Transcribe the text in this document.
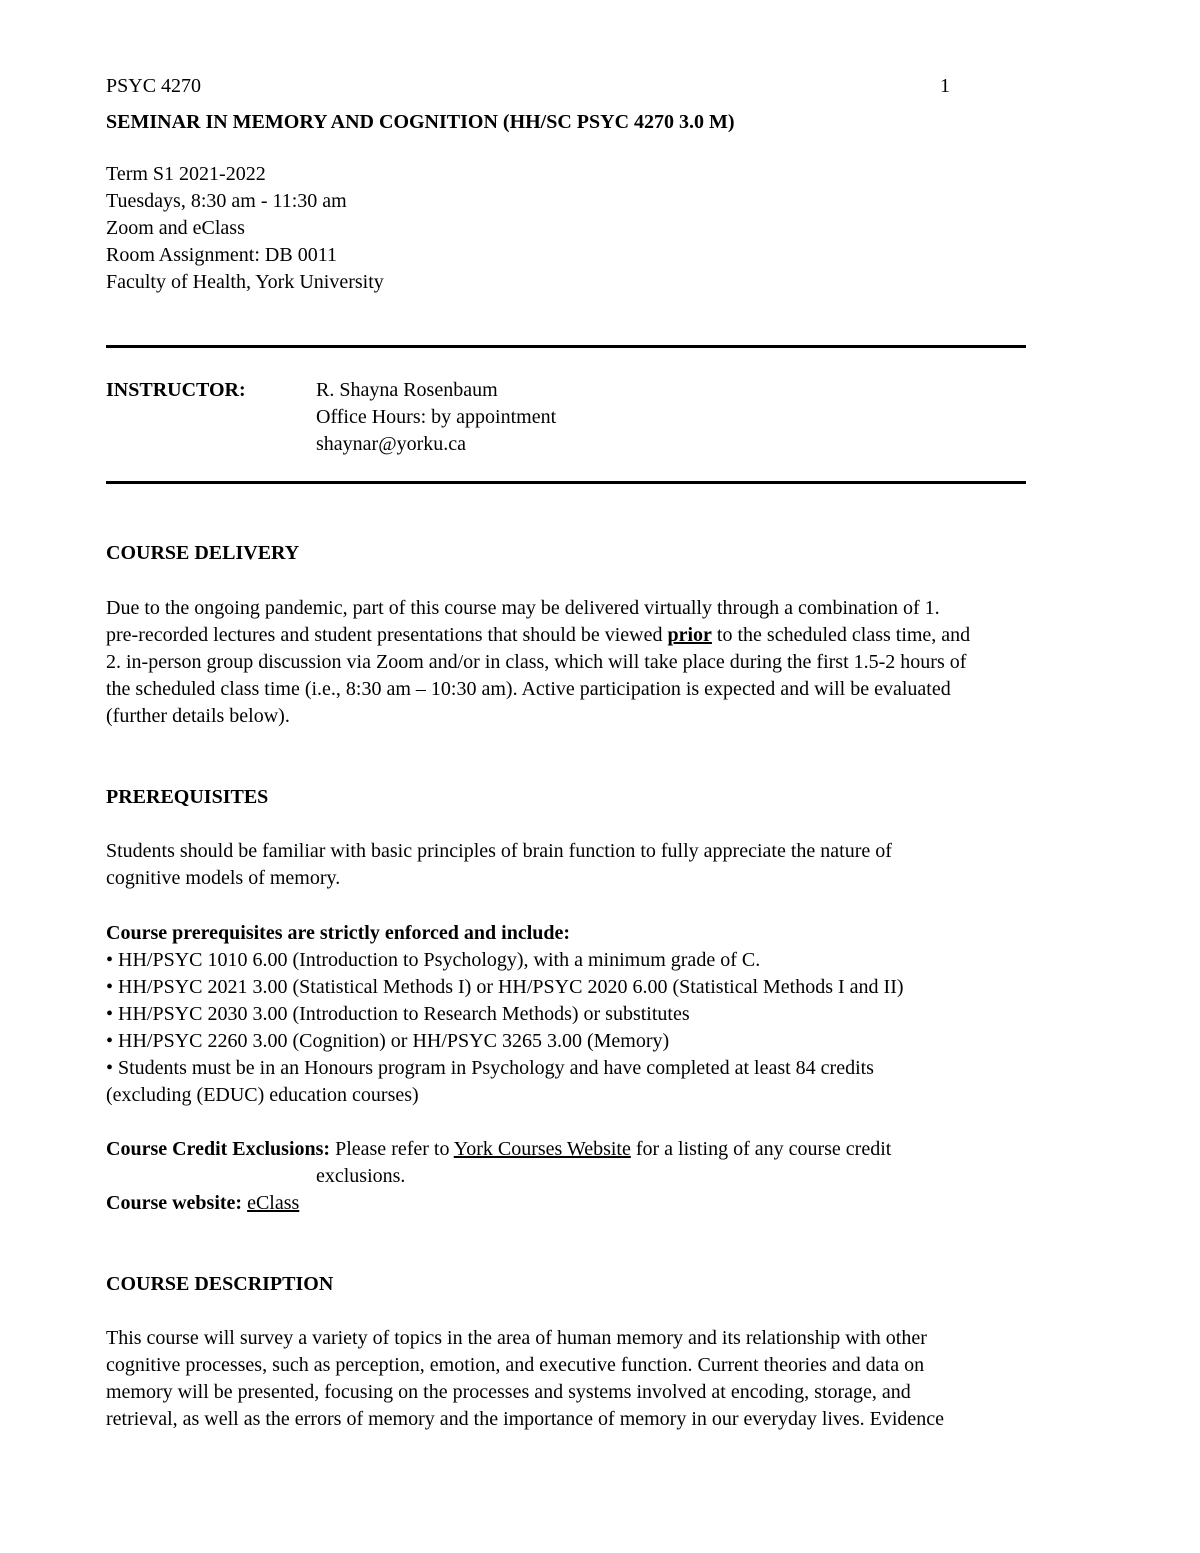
PSYC 4270	1
SEMINAR IN MEMORY AND COGNITION (HH/SC PSYC 4270 3.0 M)
Term S1 2021-2022
Tuesdays, 8:30 am - 11:30 am
Zoom and eClass
Room Assignment: DB 0011
Faculty of Health, York University
INSTRUCTOR:	R. Shayna Rosenbaum
Office Hours: by appointment
shaynar@yorku.ca
COURSE DELIVERY
Due to the ongoing pandemic, part of this course may be delivered virtually through a combination of 1.
pre-recorded lectures and student presentations that should be viewed prior to the scheduled class time, and
2. in-person group discussion via Zoom and/or in class, which will take place during the first 1.5-2 hours of
the scheduled class time (i.e., 8:30 am – 10:30 am). Active participation is expected and will be evaluated
(further details below).
PREREQUISITES
Students should be familiar with basic principles of brain function to fully appreciate the nature of
cognitive models of memory.
Course prerequisites are strictly enforced and include:
• HH/PSYC 1010 6.00 (Introduction to Psychology), with a minimum grade of C.
• HH/PSYC 2021 3.00 (Statistical Methods I) or HH/PSYC 2020 6.00 (Statistical Methods I and II)
• HH/PSYC 2030 3.00 (Introduction to Research Methods) or substitutes
• HH/PSYC 2260 3.00 (Cognition) or HH/PSYC 3265 3.00 (Memory)
• Students must be in an Honours program in Psychology and have completed at least 84 credits
(excluding (EDUC) education courses)
Course Credit Exclusions: Please refer to York Courses Website for a listing of any course credit
exclusions.
Course website: eClass
COURSE DESCRIPTION
This course will survey a variety of topics in the area of human memory and its relationship with other
cognitive processes, such as perception, emotion, and executive function. Current theories and data on
memory will be presented, focusing on the processes and systems involved at encoding, storage, and
retrieval, as well as the errors of memory and the importance of memory in our everyday lives. Evidence
